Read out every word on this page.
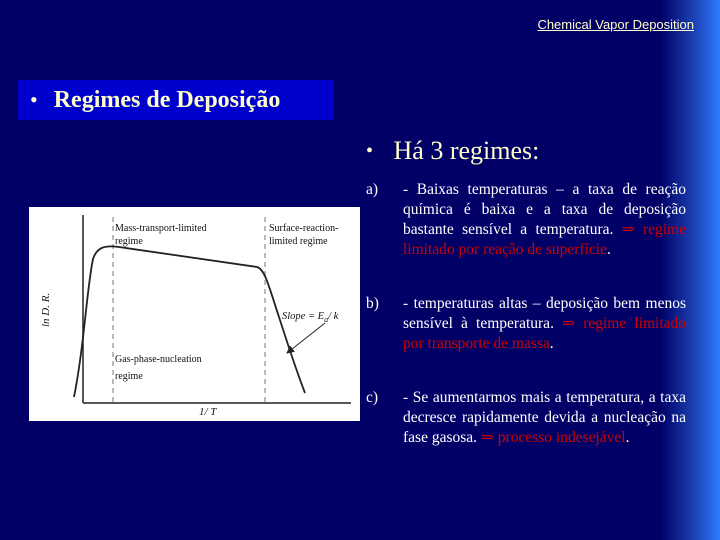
Chemical Vapor Deposition
• Regimes de Deposição
• Há 3 regimes:
a) - Baixas temperaturas – a taxa de reação química é baixa e a taxa de deposição bastante sensível a temperatura. ⇒ regime limitado por reação de superfície.
b) - temperaturas altas – deposição bem menos sensível à temperatura. ⇒ regime limitado por transporte de massa.
c) - Se aumentarmos mais a temperatura, a taxa decresce rapidamente devida a nucleação na fase gasosa. ⇒ processo indesejável.
ln D. R.
1/ T
Mass-transport-limited
regime
Surface-reaction-
limited regime
Gas-phase-nucleation
regime
Slope = $E_a/$ k
